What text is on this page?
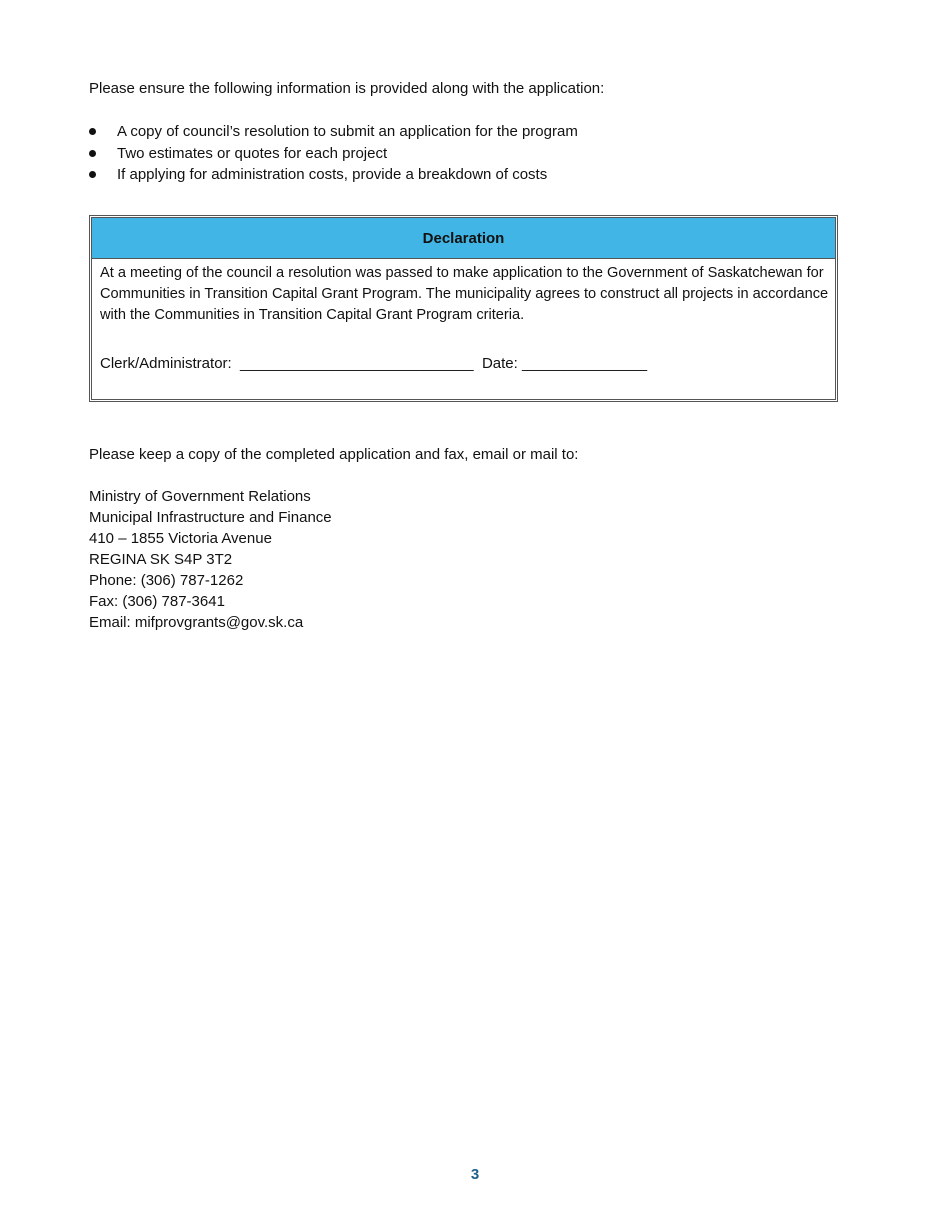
Please ensure the following information is provided along with the application:
A copy of council’s resolution to submit an application for the program
Two estimates or quotes for each project
If applying for administration costs, provide a breakdown of costs
Declaration
At a meeting of the council a resolution was passed to make application to the Government of Saskatchewan for Communities in Transition Capital Grant Program. The municipality agrees to construct all projects in accordance with the Communities in Transition Capital Grant Program criteria.
Clerk/Administrator:  ____________________________  Date: _______________
Please keep a copy of the completed application and fax, email or mail to:
Ministry of Government Relations
Municipal Infrastructure and Finance
410 – 1855 Victoria Avenue
REGINA SK S4P 3T2
Phone: (306) 787-1262
Fax: (306) 787-3641
Email: mifprovgrants@gov.sk.ca
3
